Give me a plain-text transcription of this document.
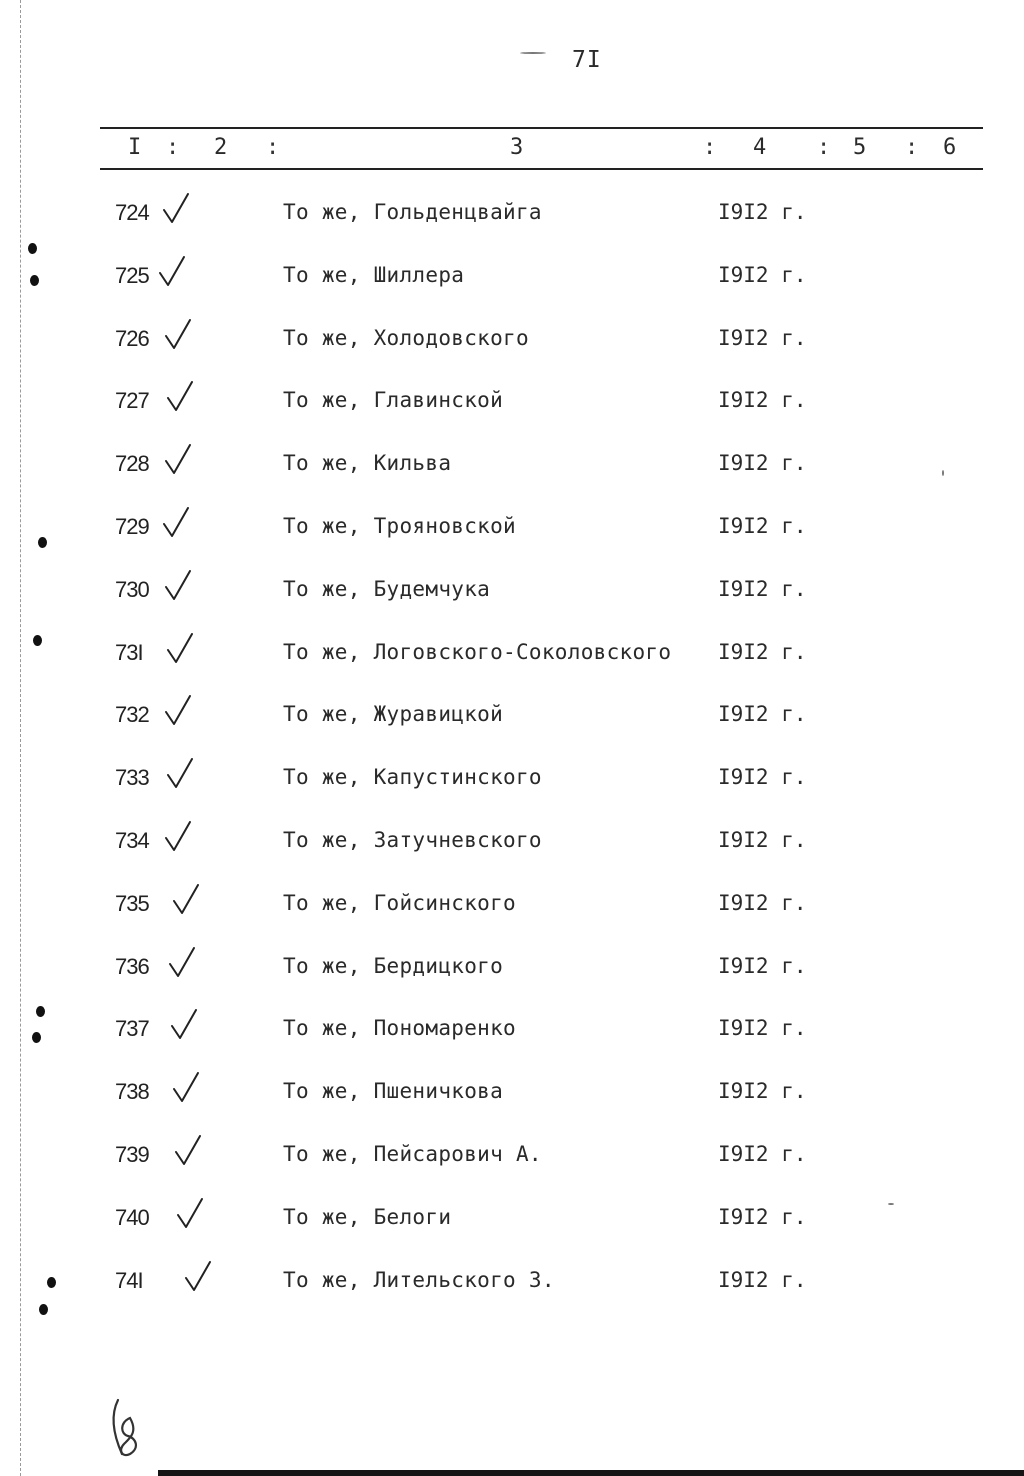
7I
I : 2 :	3	: 4 : 5 : 6
724	То же, Гольденцвайга	I9I2 г.
725	То же, Шиллера	I9I2 г.
726	То же, Холодовского	I9I2 г.
727	То же, Главинской	I9I2 г.
728	То же, Кильва	I9I2 г.
729	То же, Трояновской	I9I2 г.
730	То же, Будемчука	I9I2 г.
73I	То же, Логовского-Соколовского I9I2 г.
732	То же, Журавицкой	I9I2 г.
733	То же, Капустинского	I9I2 г.
734	То же, Затучневского	I9I2 г.
735	То же, Гойсинского	I9I2 г.
736	То же, Бердицкого	I9I2 г.
737	То же, Пономаренко	I9I2 г.
738	То же, Пшеничкова	I9I2 г.
739	То же, Пейсарович А.	I9I2 г.
740	То же, Белоги	I9I2 г.
74I	То же, Лительского З.	I9I2 г.
